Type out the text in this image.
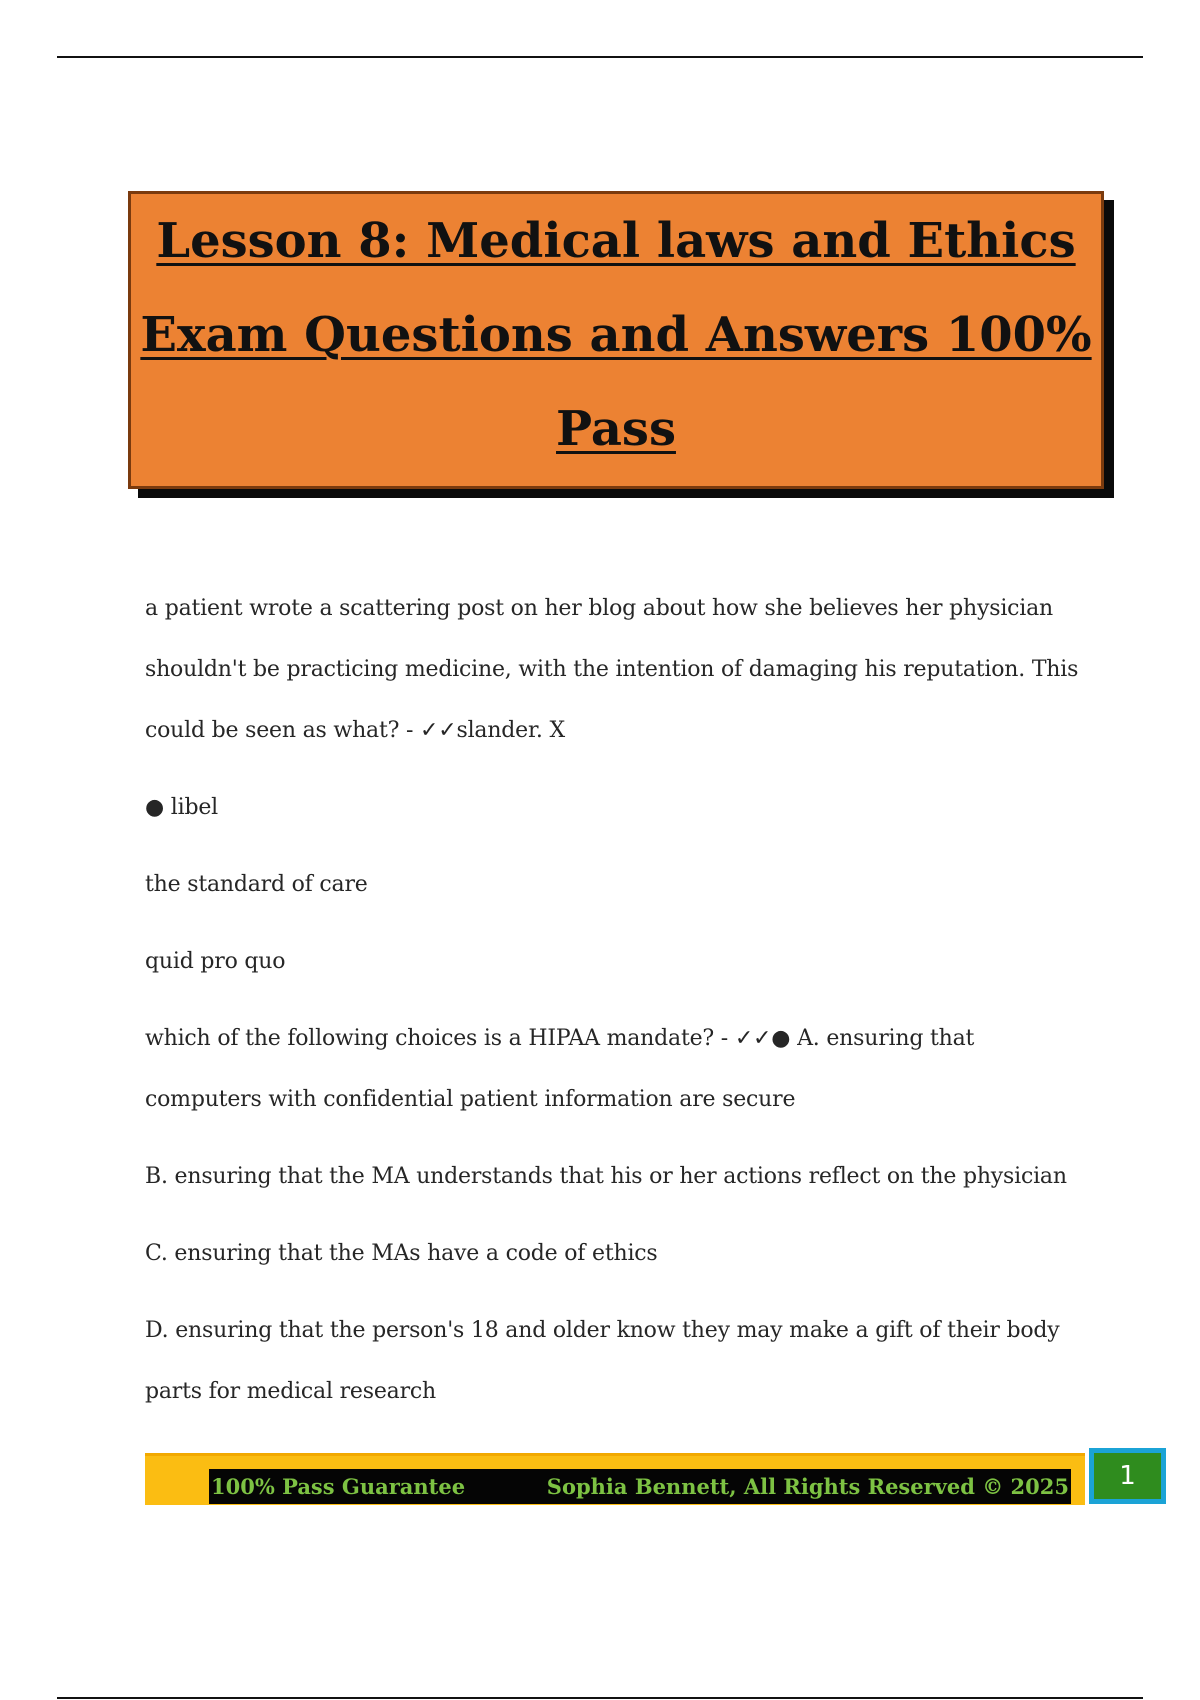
Lesson 8: Medical laws and Ethics
Exam Questions and Answers 100%
Pass

a patient wrote a scattering post on her blog about how she believes her physician shouldn't be practicing medicine, with the intention of damaging his reputation. This could be seen as what? - ✓✓slander. X

● libel

the standard of care

quid pro quo

which of the following choices is a HIPAA mandate? - ✓✓● A. ensuring that computers with confidential patient information are secure

B. ensuring that the MA understands that his or her actions reflect on the physician

C. ensuring that the MAs have a code of ethics

D. ensuring that the person's 18 and older know they may make a gift of their body parts for medical research

100% Pass Guarantee	Sophia Bennett, All Rights Reserved © 2025	1
